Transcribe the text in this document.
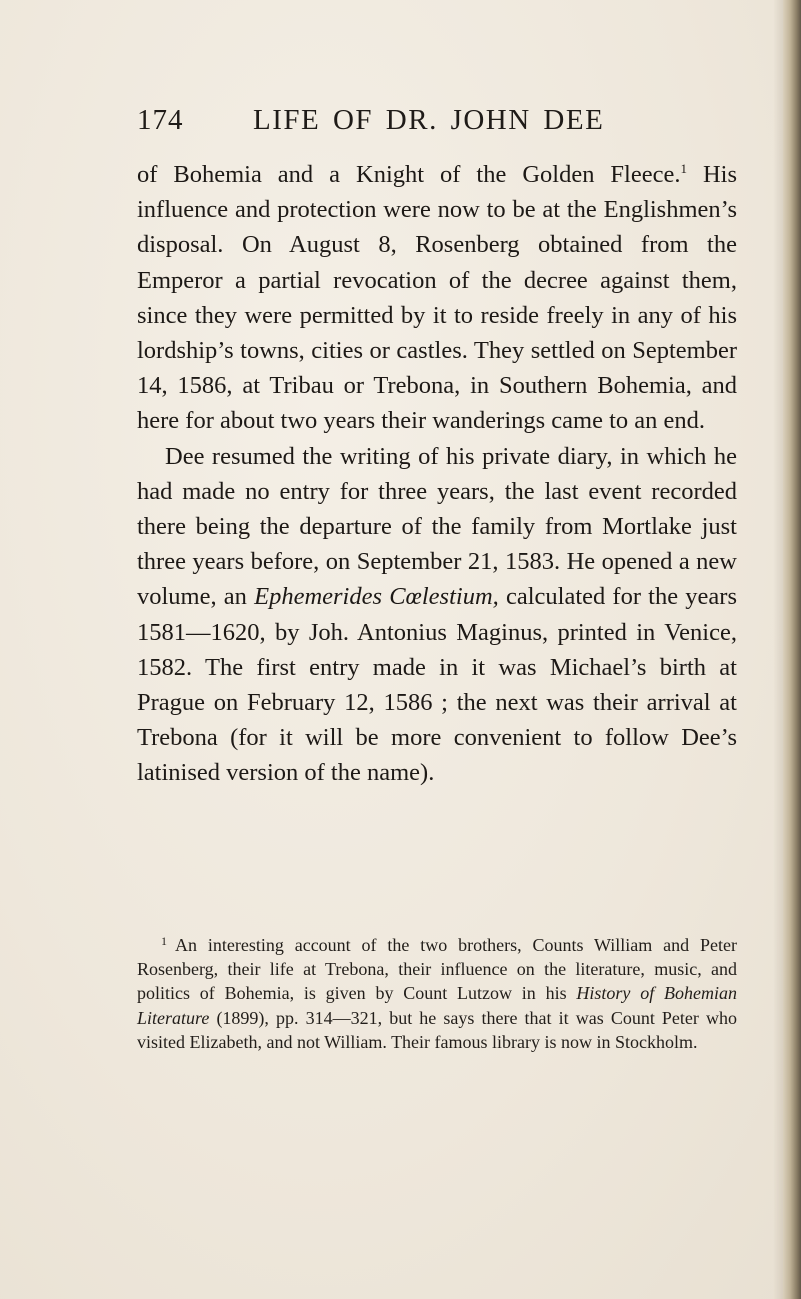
174 LIFE OF DR. JOHN DEE

of Bohemia and a Knight of the Golden Fleece.$^1$ His influence and protection were now to be at the Englishmen’s disposal. On August 8, Rosenberg obtained from the Emperor a partial revocation of the decree against them, since they were permitted by it to reside freely in any of his lordship’s towns, cities or castles. They settled on September 14, 1586, at Tribau or Trebona, in Southern Bohemia, and here for about two years their wanderings came to an end.

Dee resumed the writing of his private diary, in which he had made no entry for three years, the last event recorded there being the departure of the family from Mortlake just three years before, on September 21, 1583. He opened a new volume, an Ephemerides Cœlestium, calculated for the years 1581—1620, by Joh. Antonius Maginus, printed in Venice, 1582. The first entry made in it was Michael’s birth at Prague on February 12, 1586 ; the next was their arrival at Trebona (for it will be more convenient to follow Dee’s latinised version of the name).

$^1$ An interesting account of the two brothers, Counts William and Peter Rosenberg, their life at Trebona, their influence on the literature, music, and politics of Bohemia, is given by Count Lutzow in his History of Bohemian Literature (1899), pp. 314—321, but he says there that it was Count Peter who visited Elizabeth, and not William. Their famous library is now in Stockholm.
